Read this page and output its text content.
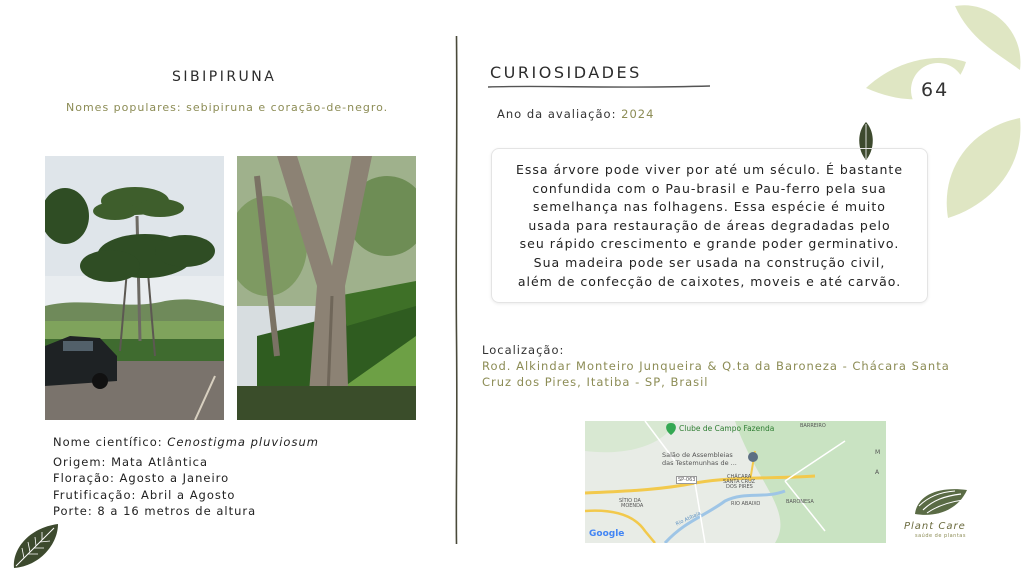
SIBIPIRUNA
Nomes populares: sebipiruna e coração-de-negro.
Nome científico: Cenostigma pluviosum
Origem: Mata Atlântica
Floração: Agosto a Janeiro
Frutificação: Abril a Agosto
Porte: 8 a 16 metros de altura
CURIOSIDADES
Ano da avaliação: 2024

Essa árvore pode viver por até um século. É bastante
confundida com o Pau-brasil e Pau-ferro pela sua
semelhança nas folhagens. Essa espécie é muito
usada para restauração de áreas degradadas pelo
seu rápido crescimento e grande poder germinativo.
Sua madeira pode ser usada na construção civil,
além de confecção de caixotes, moveis e até carvão.

Localização:
Rod. Alkindar Monteiro Junqueira & Q.ta da Baroneza - Chácara Santa
Cruz dos Pires, Itatiba - SP, Brasil
Clube de Campo Fazenda	BARREIRO
Salão de Assembleias
das Testemunhas de ...
SP-063	CHÁCARA
SANTA CRUZ
DOS PIRES
SÍTIO DA
MOENDA	RIO ABAIXO	BARONESA
Rio Atibaia
M
A
Google
64
Plant Care
saúde de plantas
